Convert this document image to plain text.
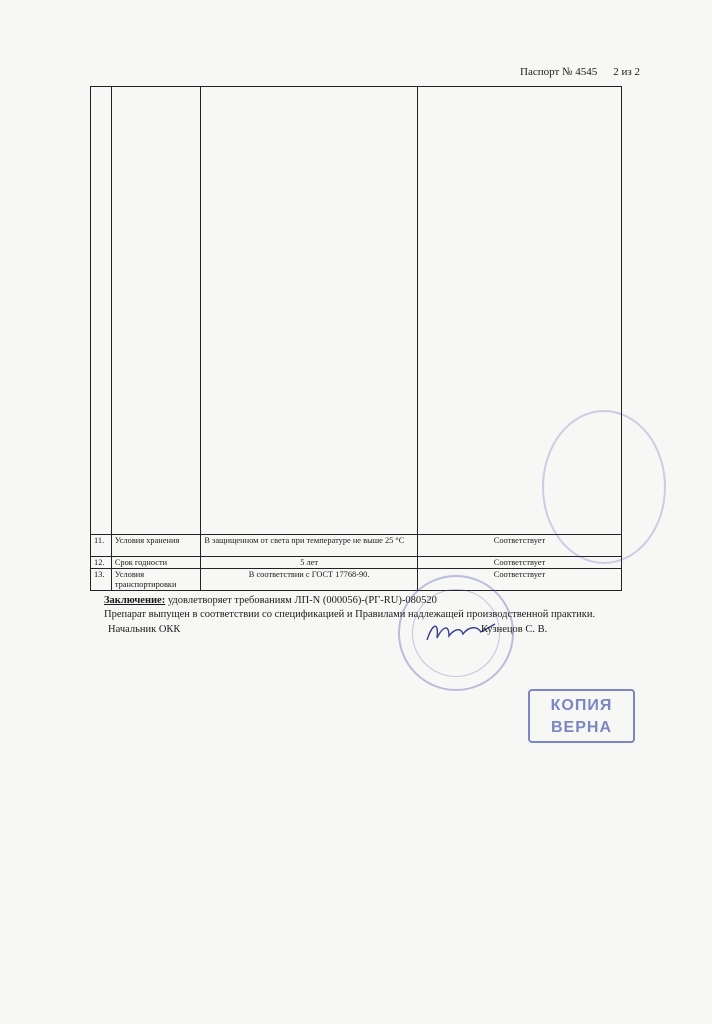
Паспорт № 4545 2 из 2

11.	Условия хранения	В защищенном от света при температуре не выше 25 °С	Соответствует
12.	Срок годности	5 лет	Соответствует
13.	Условия транспортировки	В соответствии с ГОСТ 17768-90.	Соответствует
Заключение: удовлетворяет требованиям ЛП-N (000056)-(РГ-RU)-080520
Препарат выпущен в соответствии со спецификацией и Правилами надлежащей производственной практики.
Начальник ОКК	Кузнецов С. В.
КОПИЯ
ВЕРНА
